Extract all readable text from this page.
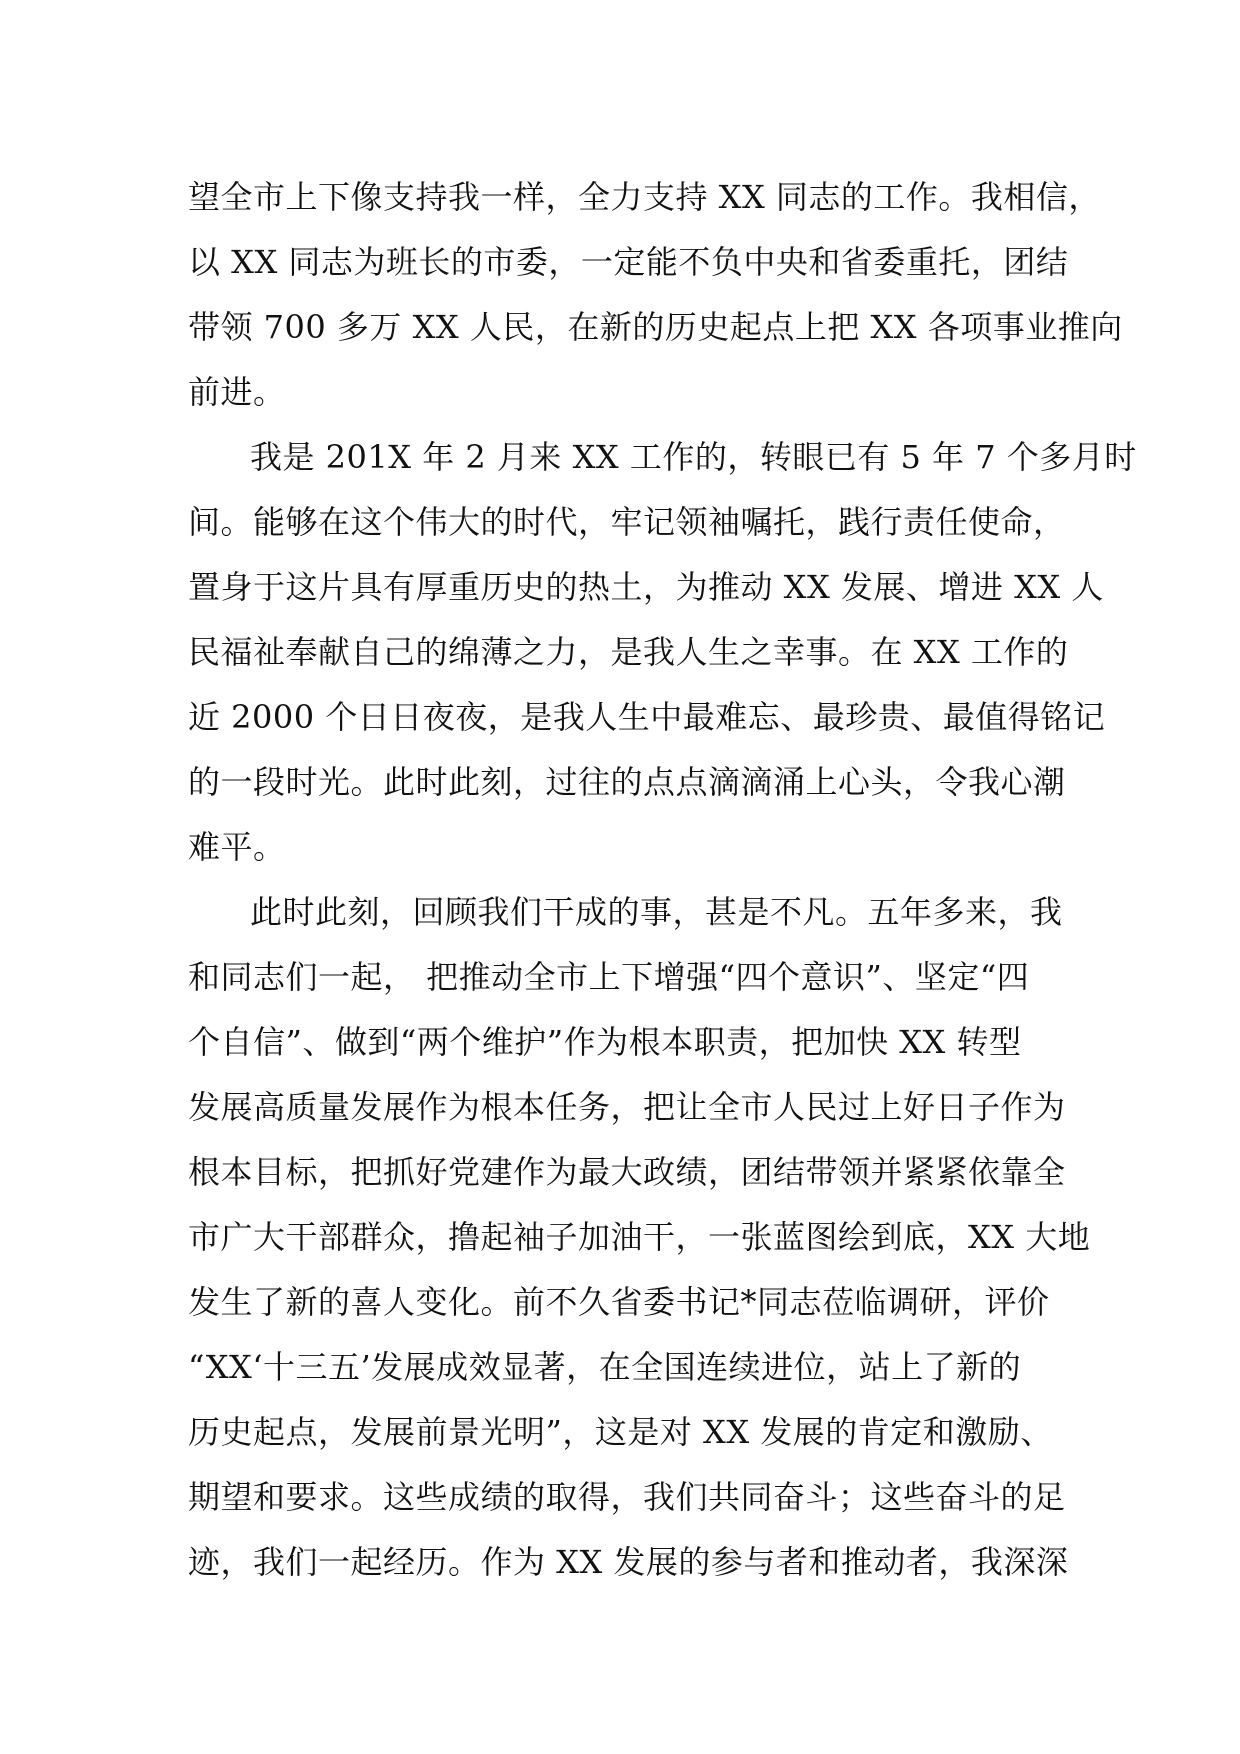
望全市上下像支持我一样，全力支持 XX 同志的工作。我相信，
以 XX 同志为班长的市委，一定能不负中央和省委重托，团结
带领 700 多万 XX 人民，在新的历史起点上把 XX 各项事业推向
前进。
我是 201X 年 2 月来 XX 工作的，转眼已有 5 年 7 个多月时
间。能够在这个伟大的时代，牢记领袖嘱托，践行责任使命，
置身于这片具有厚重历史的热土，为推动 XX 发展、增进 XX 人
民福祉奉献自己的绵薄之力，是我人生之幸事。在 XX 工作的
近 2000 个日日夜夜，是我人生中最难忘、最珍贵、最值得铭记
的一段时光。此时此刻，过往的点点滴滴涌上心头，令我心潮
难平。
此时此刻，回顾我们干成的事，甚是不凡。五年多来，我
和同志们一起， 把推动全市上下增强“四个意识”、坚定“四
个自信”、做到“两个维护”作为根本职责，把加快 XX 转型
发展高质量发展作为根本任务，把让全市人民过上好日子作为
根本目标，把抓好党建作为最大政绩，团结带领并紧紧依靠全
市广大干部群众，撸起袖子加油干，一张蓝图绘到底，XX 大地
发生了新的喜人变化。前不久省委书记*同志莅临调研，评价
“XX‘十三五’发展成效显著，在全国连续进位，站上了新的
历史起点，发展前景光明”，这是对 XX 发展的肯定和激励、
期望和要求。这些成绩的取得，我们共同奋斗；这些奋斗的足
迹，我们一起经历。作为 XX 发展的参与者和推动者，我深深
